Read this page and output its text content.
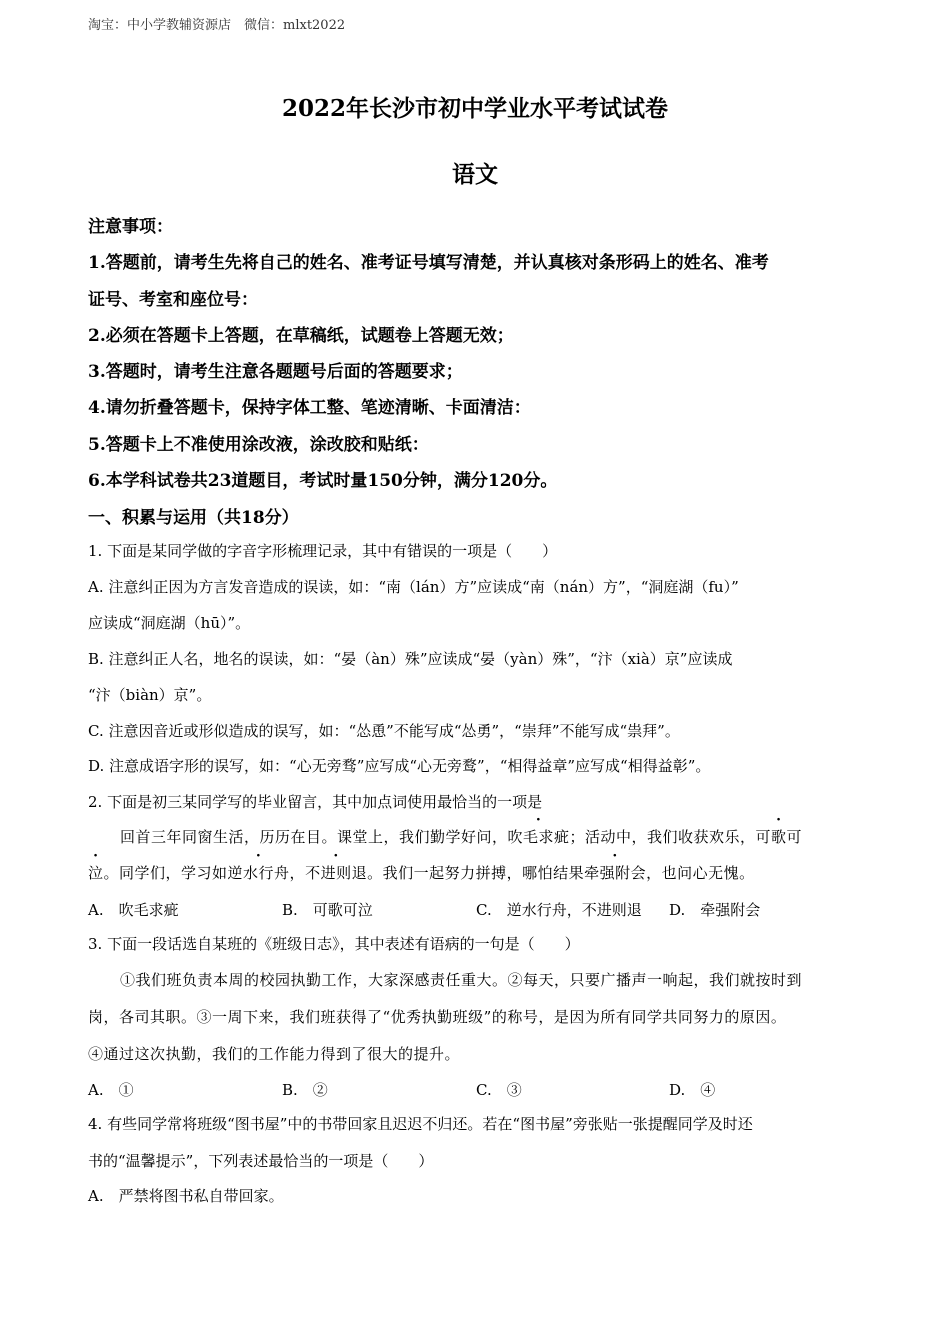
淘宝：中小学教辅资源店　微信：mlxt2022
2022年长沙市初中学业水平考试试卷
语文
注意事项：
1.答题前，请考生先将自己的姓名、准考证号填写清楚，并认真核对条形码上的姓名、准考
证号、考室和座位号：
2.必须在答题卡上答题，在草稿纸，试题卷上答题无效；
3.答题时，请考生注意各题题号后面的答题要求；
4.请勿折叠答题卡，保持字体工整、笔迹清晰、卡面清洁：
5.答题卡上不准使用涂改液，涂改胶和贴纸：
6.本学科试卷共23道题目，考试时量150分钟，满分120分。
一、积累与运用（共18分）
1. 下面是某同学做的字音字形梳理记录，其中有错误的一项是（　　）
A. 注意纠正因为方言发音造成的误读，如：“南（lán）方”应读成“南（nán）方”，“洞庭湖（fu）”
应读成“洞庭湖（hū）”。
B. 注意纠正人名，地名的误读，如：“晏（àn）殊”应读成“晏（yàn）殊”，“汴（xià）京”应读成
“汴（biàn）京”。
C. 注意因音近或形似造成的误写，如：“怂恿”不能写成“怂勇”，“崇拜”不能写成“祟拜”。
D. 注意成语字形的误写，如：“心无旁骛”应写成“心无旁鹜”，“相得益章”应写成“相得益彰”。
2. 下面是初三某同学写的毕业留言，其中加点词使用最恰当的一项是
回首三年同窗生活，历历在目。课堂上，我们勤学好问，吹毛求疵；活动中，我们收获欢乐，可歌可
泣。同学们，学习如逆水行舟，不进则退。我们一起努力拼搏，哪怕结果牵强附会，也问心无愧。
A.　吹毛求疵	B.　可歌可泣	C.　逆水行舟，不进则退 D.　牵强附会
3. 下面一段话选自某班的《班级日志》，其中表述有语病的一句是（　　）
①我们班负责本周的校园执勤工作，大家深感责任重大。②每天，只要广播声一响起，我们就按时到
岗，各司其职。③一周下来，我们班获得了“优秀执勤班级”的称号，是因为所有同学共同努力的原因。
④通过这次执勤，我们的工作能力得到了很大的提升。
A.　①	B.　②	C.　③	D.　④
4. 有些同学常将班级“图书屋”中的书带回家且迟迟不归还。若在“图书屋”旁张贴一张提醒同学及时还
书的“温馨提示”，下列表述最恰当的一项是（　　）
A.　严禁将图书私自带回家。
